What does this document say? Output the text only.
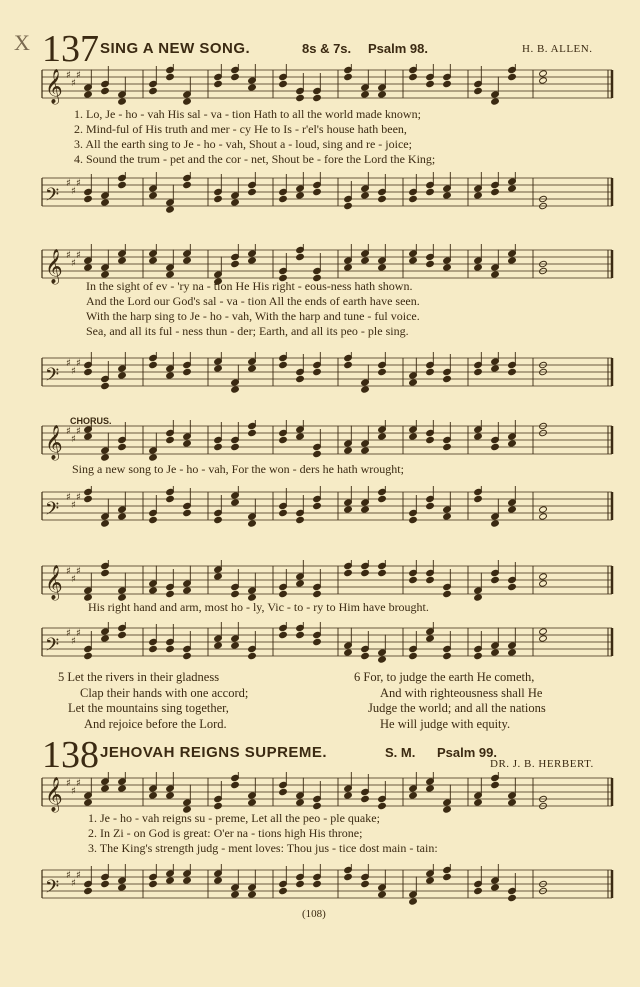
X 137 SING A NEW SONG.	8s & 7s. Psalm 98.	H. B. ALLEN.
𝄞 ♯
♯
♯
1. Lo, Je - ho - vah His sal - va - tion Hath to all the world made known;
2. Mind-ful of His truth and mer - cy He to Is - r'el's house hath been,
3. All the earth sing to Je - ho - vah, Shout a - loud, sing and re - joice;
4. Sound the trum - pet and the cor - net, Shout be - fore the Lord the King;
𝄢
♯
♯
♯
𝄞 ♯
♯
♯
In the sight of ev - 'ry na - tion He His right - eous-ness hath shown.
And the Lord our God's sal - va - tion All the ends of earth have seen.
With the harp sing to Je - ho - vah, With the harp and tune - ful voice.
Sea, and all its ful - ness thun - der; Earth, and all its peo - ple sing.
𝄢
♯
♯
♯
CHORUS.
𝄞 ♯
♯
♯
Sing a new song to Je - ho - vah, For the won - ders he hath wrought;
𝄢
♯
♯
♯
𝄞 ♯
♯
♯
His right hand and arm, most ho - ly, Vic - to - ry to Him have brought.
𝄢
♯
♯
♯
5 Let the rivers in their gladness
Clap their hands with one accord;
Let the mountains sing together,
And rejoice before the Lord.
6 For, to judge the earth He cometh,
And with righteousness shall He
Judge the world; and all the nations
He will judge with equity.
138 JEHOVAH REIGNS SUPREME.	S. M. Psalm 99.
DR. J. B. HERBERT.
𝄞 ♯
♯
♯
1. Je - ho - vah reigns su - preme, Let all the peo - ple quake;
2. In Zi - on God is great: O'er na - tions high His throne;
3. The King's strength judg - ment loves: Thou jus - tice dost main - tain:
𝄢
♯
♯
♯
(108)
